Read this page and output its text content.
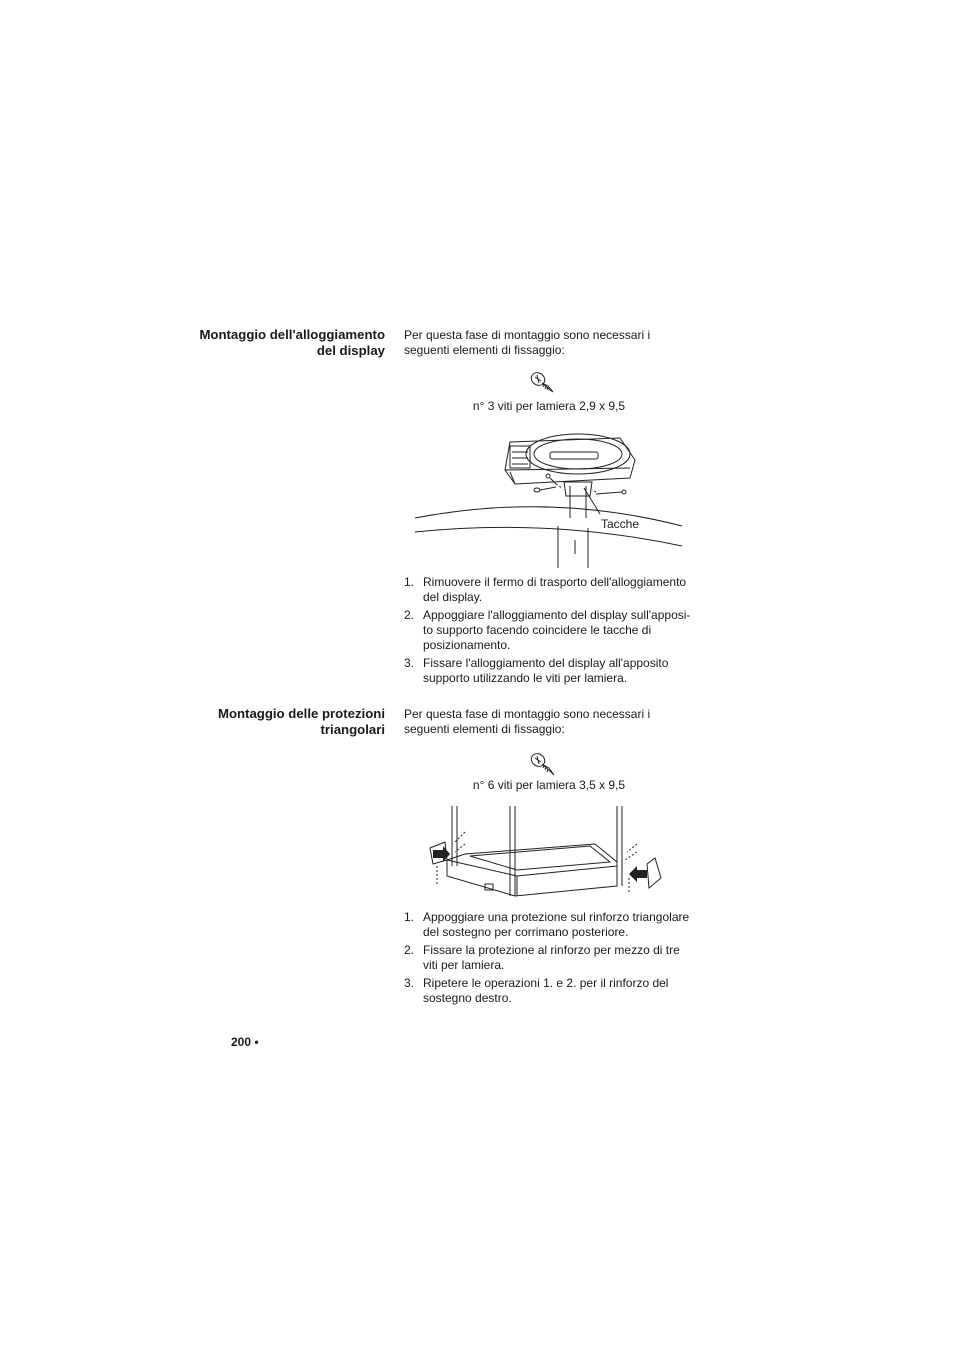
Montaggio dell'alloggiamento del display
Per questa fase di montaggio sono necessari i seguenti elementi di fissaggio:
n° 3 viti per lamiera 2,9 x 9,5
Tacche
1. Rimuovere il fermo di trasporto dell'alloggiamento del display.
2. Appoggiare l'alloggiamento del display sull'apposi-to supporto facendo coincidere le tacche di posizionamento.
3. Fissare l'alloggiamento del display all'apposito supporto utilizzando le viti per lamiera.
Montaggio delle protezioni triangolari
Per questa fase di montaggio sono necessari i seguenti elementi di fissaggio:
n° 6 viti per lamiera 3,5 x 9,5
1. Appoggiare una protezione sul rinforzo triangolare del sostegno per corrimano posteriore.
2. Fissare la protezione al rinforzo per mezzo di tre viti per lamiera.
3. Ripetere le operazioni 1. e 2. per il rinforzo del sostegno destro.
200 •
